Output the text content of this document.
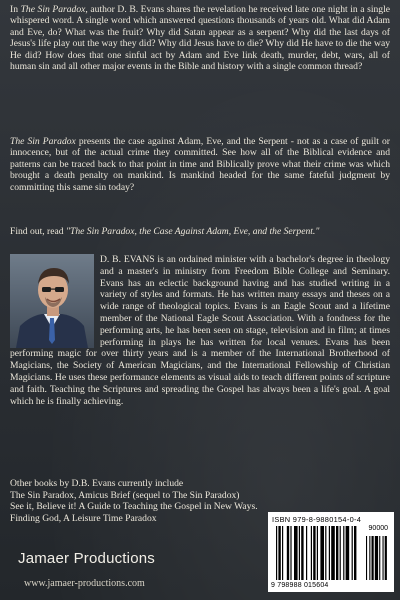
In The Sin Paradox, author D. B. Evans shares the revelation he received late one night in a single whispered word. A single word which answered questions thousands of years old. What did Adam and Eve, do? What was the fruit? Why did Satan appear as a serpent? Why did the last days of Jesus's life play out the way they did? Why did Jesus have to die? Why did He have to die the way He did? How does that one sinful act by Adam and Eve link death, murder, debt, wars, all of human sin and all other major events in the Bible and history with a single common thread?

The Sin Paradox presents the case against Adam, Eve, and the Serpent - not as a case of guilt or innocence, but of the actual crime they committed. See how all of the Biblical evidence and patterns can be traced back to that point in time and Biblically prove what their crime was which brought a death penalty on mankind. Is mankind headed for the same fateful judgment by committing this same sin today?

Find out, read "The Sin Paradox, the Case Against Adam, Eve, and the Serpent."

D. B. EVANS is an ordained minister with a bachelor's degree in theology and a master's in ministry from Freedom Bible College and Seminary. Evans has an eclectic background having and has studied writing in a variety of styles and formats. He has written many essays and theses on a wide range of theological topics. Evans is an Eagle Scout and a lifetime member of the National Eagle Scout Association. With a fondness for the performing arts, he has been seen on stage, television and in film; at times performing in plays he has written for local venues. Evans has been performing magic for over thirty years and is a member of the International Brotherhood of Magicians, the Society of American Magicians, and the International Fellowship of Christian Magicians. He uses these performance elements as visual aids to teach different points of scripture and faith. Teaching the Scriptures and spreading the Gospel has always been a life's goal. A goal which he is finally achieving.

Other books by D.B. Evans currently include
The Sin Paradox, Amicus Brief (sequel to The Sin Paradox)
See it, Believe it! A Guide to Teaching the Gospel in New Ways.
Finding God, A Leisure Time Paradox
Jamaer Productions
www.jamaer-productions.com
ISBN 979-8-9880154-0-4
90000
9 798988 015604
